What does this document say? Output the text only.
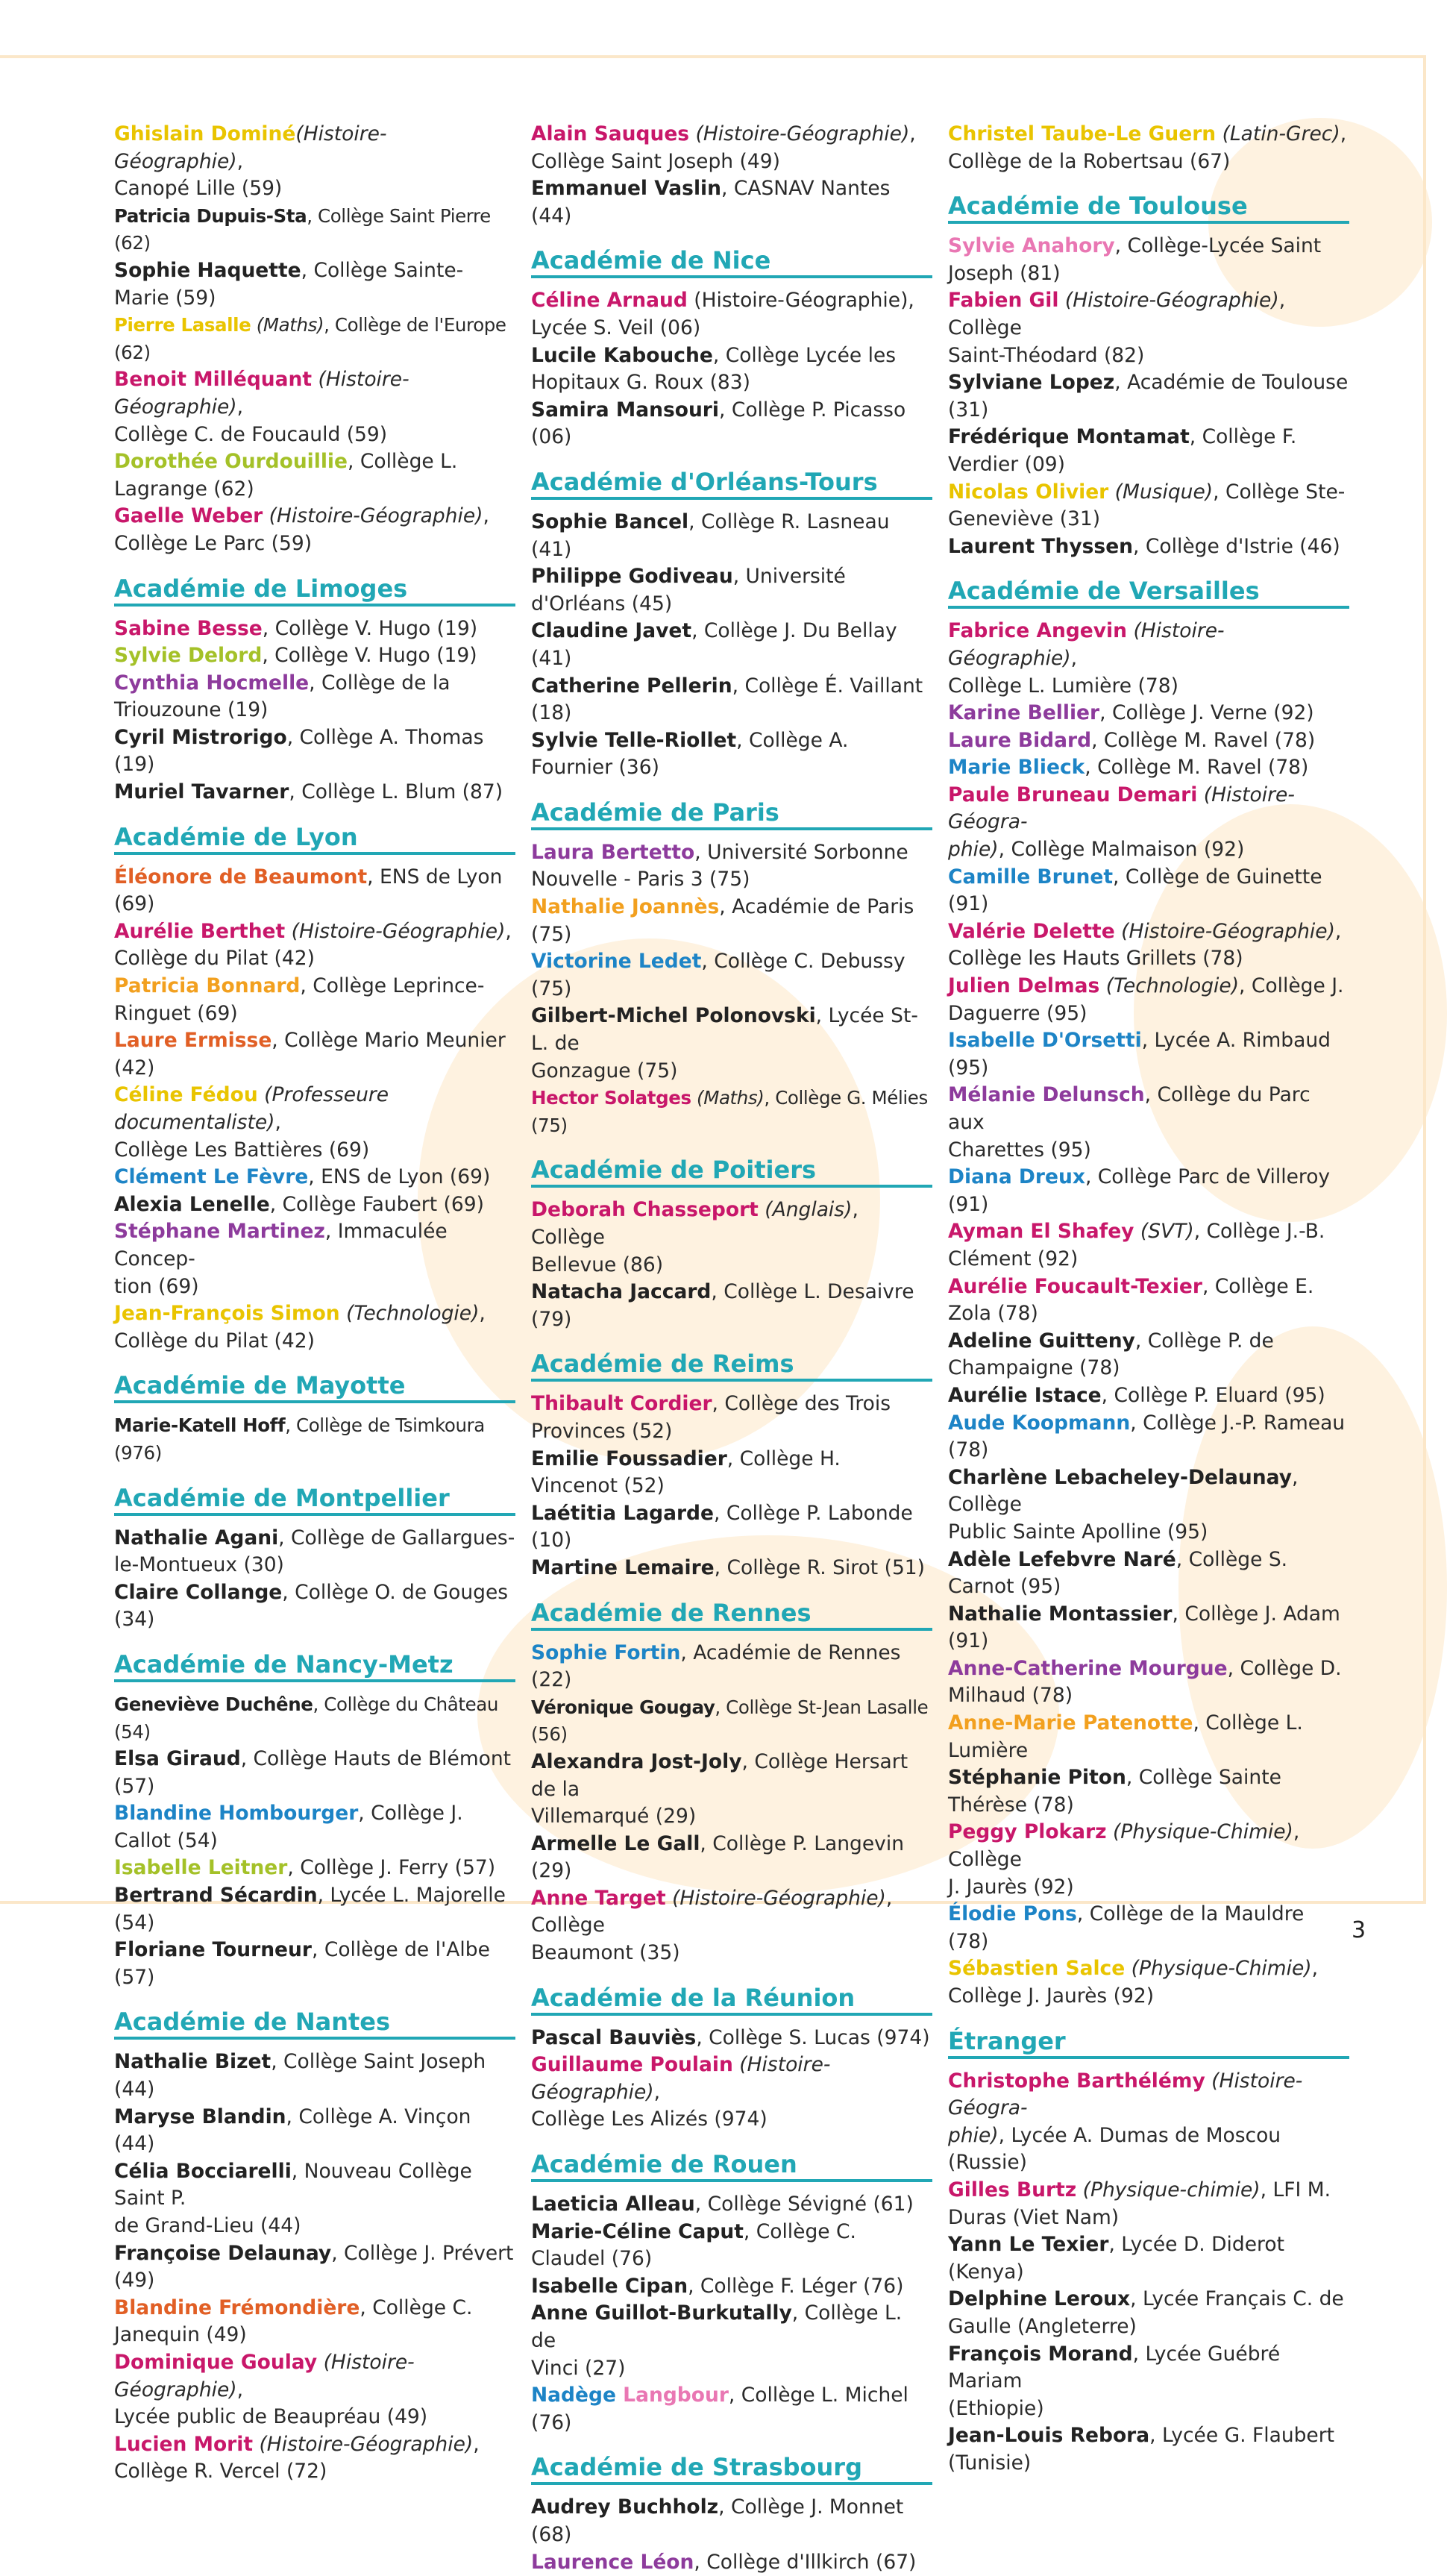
Ghislain Dominé(Histoire-Géographie),
Canopé Lille (59)
Patricia Dupuis-Sta, Collège Saint Pierre (62)
Sophie Haquette, Collège Sainte-Marie (59)
Pierre Lasalle (Maths), Collège de l'Europe (62)
Benoit Milléquant (Histoire-Géographie),
Collège C. de Foucauld (59)
Dorothée Ourdouillie, Collège L.
Lagrange (62)
Gaelle Weber (Histoire-Géographie),
Collège Le Parc (59)
Académie de Limoges
Sabine Besse, Collège V. Hugo (19)
Sylvie Delord, Collège V. Hugo (19)
Cynthia Hocmelle, Collège de la
Triouzoune (19)
Cyril Mistrorigo, Collège A. Thomas (19)
Muriel Tavarner, Collège L. Blum (87)
Académie de Lyon
Éléonore de Beaumont, ENS de Lyon (69)
Aurélie Berthet (Histoire-Géographie),
Collège du Pilat (42)
Patricia Bonnard, Collège Leprince-
Ringuet (69)
Laure Ermisse, Collège Mario Meunier (42)
Céline Fédou (Professeure documentaliste),
Collège Les Battières (69)
Clément Le Fèvre, ENS de Lyon (69)
Alexia Lenelle, Collège Faubert (69)
Stéphane Martinez, Immaculée Concep-
tion (69)
Jean-François Simon (Technologie),
Collège du Pilat (42)
Académie de Mayotte
Marie-Katell Hoff, Collège de Tsimkoura (976)
Académie de Montpellier
Nathalie Agani, Collège de Gallargues-
le-Montueux (30)
Claire Collange, Collège O. de Gouges (34)
Académie de Nancy-Metz
Geneviève Duchêne, Collège du Château (54)
Elsa Giraud, Collège Hauts de Blémont (57)
Blandine Hombourger, Collège J. Callot (54)
Isabelle Leitner, Collège J. Ferry (57)
Bertrand Sécardin, Lycée L. Majorelle (54)
Floriane Tourneur, Collège de l'Albe (57)
Académie de Nantes
Nathalie Bizet, Collège Saint Joseph (44)
Maryse Blandin, Collège A. Vinçon (44)
Célia Bocciarelli, Nouveau Collège Saint P.
de Grand-Lieu (44)
Françoise Delaunay, Collège J. Prévert (49)
Blandine Frémondière, Collège C.
Janequin (49)
Dominique Goulay (Histoire-Géographie),
Lycée public de Beaupréau (49)
Lucien Morit (Histoire-Géographie),
Collège R. Vercel (72)
Alain Sauques (Histoire-Géographie),
Collège Saint Joseph (49)
Emmanuel Vaslin, CASNAV Nantes (44)
Académie de Nice
Céline Arnaud (Histoire-Géographie),
Lycée S. Veil (06)
Lucile Kabouche, Collège Lycée les
Hopitaux G. Roux (83)
Samira Mansouri, Collège P. Picasso (06)
Académie d'Orléans-Tours
Sophie Bancel, Collège R. Lasneau (41)
Philippe Godiveau, Université d'Orléans (45)
Claudine Javet, Collège J. Du Bellay (41)
Catherine Pellerin, Collège É. Vaillant (18)
Sylvie Telle-Riollet, Collège A. Fournier (36)
Académie de Paris
Laura Bertetto, Université Sorbonne
Nouvelle - Paris 3 (75)
Nathalie Joannès, Académie de Paris (75)
Victorine Ledet, Collège C. Debussy (75)
Gilbert-Michel Polonovski, Lycée St-L. de
Gonzague (75)
Hector Solatges (Maths), Collège G. Mélies (75)
Académie de Poitiers
Deborah Chasseport (Anglais), Collège
Bellevue (86)
Natacha Jaccard, Collège L. Desaivre (79)
Académie de Reims
Thibault Cordier, Collège des Trois
Provinces (52)
Emilie Foussadier, Collège H. Vincenot (52)
Laétitia Lagarde, Collège P. Labonde (10)
Martine Lemaire, Collège R. Sirot (51)
Académie de Rennes
Sophie Fortin, Académie de Rennes (22)
Véronique Gougay, Collège St-Jean Lasalle (56)
Alexandra Jost-Joly, Collège Hersart de la
Villemarqué (29)
Armelle Le Gall, Collège P. Langevin (29)
Anne Target (Histoire-Géographie), Collège
Beaumont (35)
Académie de la Réunion
Pascal Bauviès, Collège S. Lucas (974)
Guillaume Poulain (Histoire-Géographie),
Collège Les Alizés (974)
Académie de Rouen
Laeticia Alleau, Collège Sévigné (61)
Marie-Céline Caput, Collège C. Claudel (76)
Isabelle Cipan, Collège F. Léger (76)
Anne Guillot-Burkutally, Collège L. de
Vinci (27)
Nadège Langbour, Collège L. Michel (76)
Académie de Strasbourg
Audrey Buchholz, Collège J. Monnet (68)
Laurence Léon, Collège d'Illkirch (67)
Christel Taube-Le Guern (Latin-Grec),
Collège de la Robertsau (67)
Académie de Toulouse
Sylvie Anahory, Collège-Lycée Saint
Joseph (81)
Fabien Gil (Histoire-Géographie), Collège
Saint-Théodard (82)
Sylviane Lopez, Académie de Toulouse (31)
Frédérique Montamat, Collège F. Verdier (09)
Nicolas Olivier (Musique), Collège Ste-
Geneviève (31)
Laurent Thyssen, Collège d'Istrie (46)
Académie de Versailles
Fabrice Angevin (Histoire-Géographie),
Collège L. Lumière (78)
Karine Bellier, Collège J. Verne (92)
Laure Bidard, Collège M. Ravel (78)
Marie Blieck, Collège M. Ravel (78)
Paule Bruneau Demari (Histoire-Géogra-
phie), Collège Malmaison (92)
Camille Brunet, Collège de Guinette (91)
Valérie Delette (Histoire-Géographie),
Collège les Hauts Grillets (78)
Julien Delmas (Technologie), Collège J.
Daguerre (95)
Isabelle D'Orsetti, Lycée A. Rimbaud (95)
Mélanie Delunsch, Collège du Parc aux
Charettes (95)
Diana Dreux, Collège Parc de Villeroy (91)
Ayman El Shafey (SVT), Collège J.-B.
Clément (92)
Aurélie Foucault-Texier, Collège E. Zola (78)
Adeline Guitteny, Collège P. de
Champaigne (78)
Aurélie Istace, Collège P. Eluard (95)
Aude Koopmann, Collège J.-P. Rameau (78)
Charlène Lebacheley-Delaunay, Collège
Public Sainte Apolline (95)
Adèle Lefebvre Naré, Collège S. Carnot (95)
Nathalie Montassier, Collège J. Adam (91)
Anne-Catherine Mourgue, Collège D.
Milhaud (78)
Anne-Marie Patenotte, Collège L. Lumière
Stéphanie Piton, Collège Sainte Thérèse (78)
Peggy Plokarz (Physique-Chimie), Collège
J. Jaurès (92)
Élodie Pons, Collège de la Mauldre (78)
Sébastien Salce (Physique-Chimie),
Collège J. Jaurès (92)
Étranger
Christophe Barthélémy (Histoire-Géogra-
phie), Lycée A. Dumas de Moscou (Russie)
Gilles Burtz (Physique-chimie), LFI M.
Duras (Viet Nam)
Yann Le Texier, Lycée D. Diderot (Kenya)
Delphine Leroux, Lycée Français C. de
Gaulle (Angleterre)
François Morand, Lycée Guébré Mariam
(Ethiopie)
Jean-Louis Rebora, Lycée G. Flaubert
(Tunisie)
3
